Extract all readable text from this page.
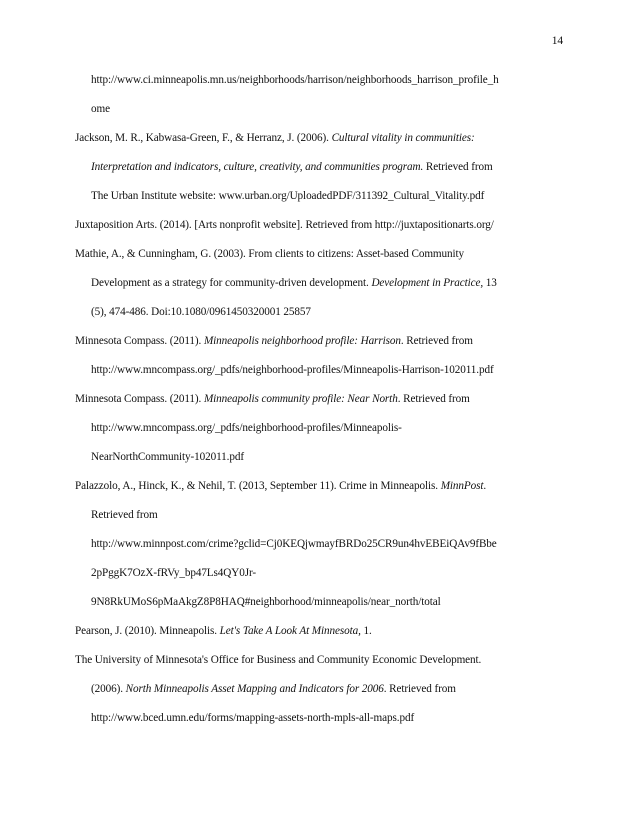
14
http://www.ci.minneapolis.mn.us/neighborhoods/harrison/neighborhoods_harrison_profile_h
ome
Jackson, M. R., Kabwasa-Green, F., & Herranz, J. (2006). Cultural vitality in communities:
Interpretation and indicators, culture, creativity, and communities program. Retrieved from
The Urban Institute website: www.urban.org/UploadedPDF/311392_Cultural_Vitality.pdf
Juxtaposition Arts. (2014). [Arts nonprofit website]. Retrieved from http://juxtapositionarts.org/
Mathie, A., & Cunningham, G. (2003). From clients to citizens: Asset-based Community
Development as a strategy for community-driven development. Development in Practice, 13
(5), 474-486. Doi:10.1080/0961450320001 25857
Minnesota Compass. (2011). Minneapolis neighborhood profile: Harrison. Retrieved from
http://www.mncompass.org/_pdfs/neighborhood-profiles/Minneapolis-Harrison-102011.pdf
Minnesota Compass. (2011). Minneapolis community profile: Near North. Retrieved from
http://www.mncompass.org/_pdfs/neighborhood-profiles/Minneapolis-
NearNorthCommunity-102011.pdf
Palazzolo, A., Hinck, K., & Nehil, T. (2013, September 11). Crime in Minneapolis. MinnPost.
Retrieved from
http://www.minnpost.com/crime?gclid=Cj0KEQjwmayfBRDo25CR9un4hvEBEiQAv9fBbe
2pPggK7OzX-fRVy_bp47Ls4QY0Jr-
9N8RkUMoS6pMaAkgZ8P8HAQ#neighborhood/minneapolis/near_north/total
Pearson, J. (2010). Minneapolis. Let's Take A Look At Minnesota, 1.
The University of Minnesota's Office for Business and Community Economic Development.
(2006). North Minneapolis Asset Mapping and Indicators for 2006. Retrieved from
http://www.bced.umn.edu/forms/mapping-assets-north-mpls-all-maps.pdf
